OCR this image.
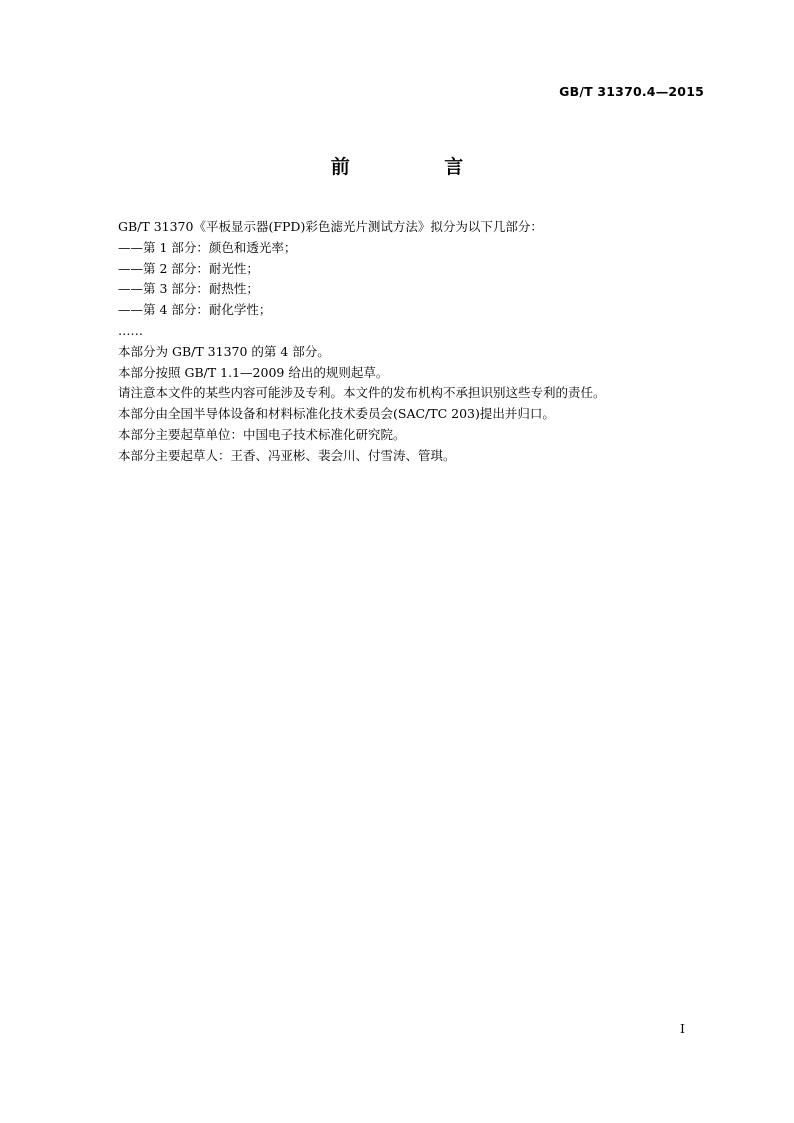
GB/T 31370.4—2015
前 言

GB/T 31370《平板显示器(FPD)彩色滤光片测试方法》拟分为以下几部分：

——第 1 部分：颜色和透光率；

——第 2 部分：耐光性；

——第 3 部分：耐热性；

——第 4 部分：耐化学性；

……

本部分为 GB/T 31370 的第 4 部分。

本部分按照 GB/T 1.1—2009 给出的规则起草。

请注意本文件的某些内容可能涉及专利。本文件的发布机构不承担识别这些专利的责任。

本部分由全国半导体设备和材料标准化技术委员会(SAC/TC 203)提出并归口。

本部分主要起草单位：中国电子技术标准化研究院。

本部分主要起草人：王香、冯亚彬、裴会川、付雪涛、管琪。

I
